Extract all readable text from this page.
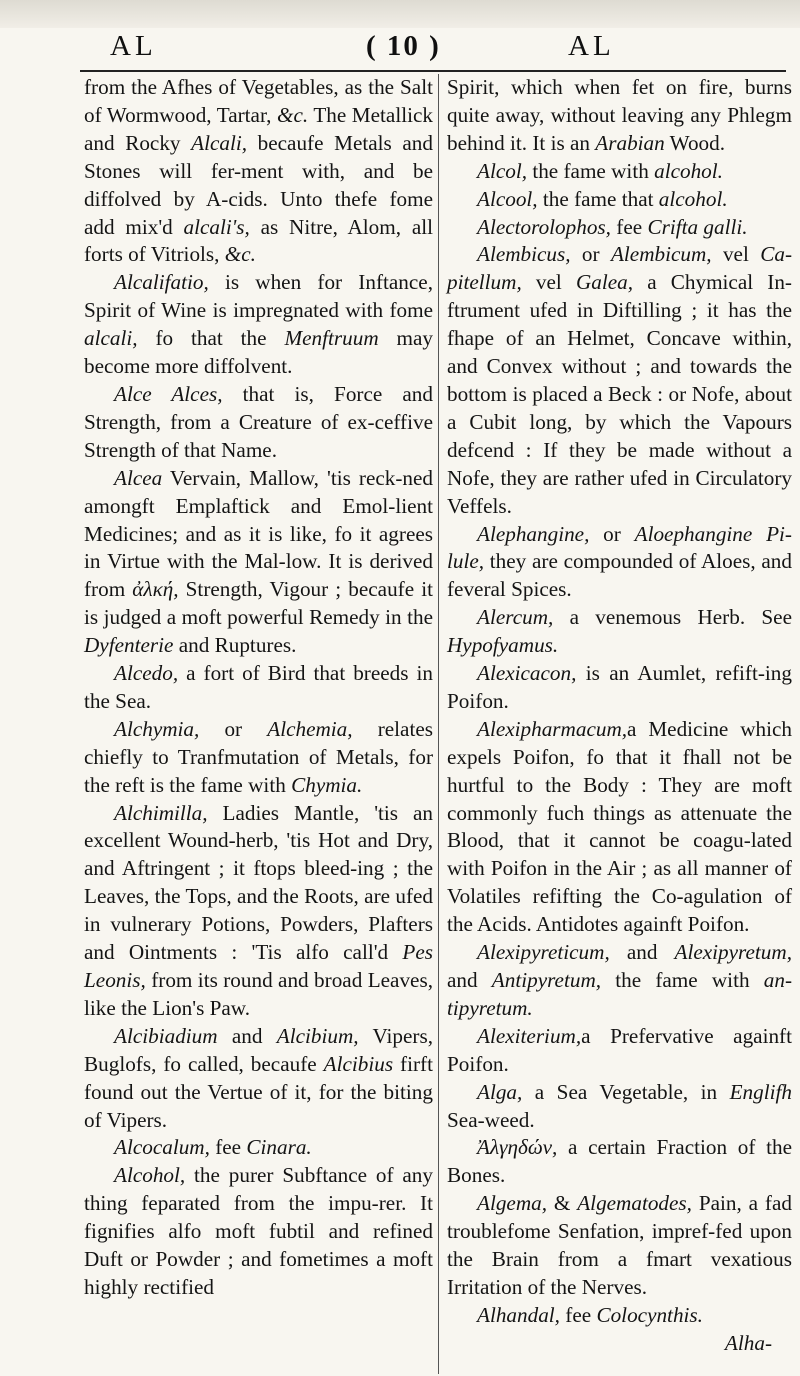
AL	( 10 )	AL

from the Afhes of Vegetables, as the Salt of Wormwood, Tartar, &c. The Metallick and Rocky Alcali, becaufe Metals and Stones will fer-ment with, and be diffolved by A-cids. Unto thefe fome add mix'd alcali's, as Nitre, Alom, all forts of Vitriols, &c.

Alcalifatio, is when for Inftance, Spirit of Wine is impregnated with fome alcali, fo that the Menftruum may become more diffolvent.

Alce Alces, that is, Force and Strength, from a Creature of ex-ceffive Strength of that Name.

Alcea Vervain, Mallow, 'tis reck-ned amongft Emplaftick and Emol-lient Medicines; and as it is like, fo it agrees in Virtue with the Mal-low. It is derived from ἀλκή, Strength, Vigour ; becaufe it is judged a moft powerful Remedy in the Dyfenterie and Ruptures.

Alcedo, a fort of Bird that breeds in the Sea.

Alchymia, or Alchemia, relates chiefly to Tranfmutation of Metals, for the reft is the fame with Chymia.

Alchimilla, Ladies Mantle, 'tis an excellent Wound-herb, 'tis Hot and Dry, and Aftringent ; it ftops bleed-ing ; the Leaves, the Tops, and the Roots, are ufed in vulnerary Potions, Powders, Plafters and Ointments : 'Tis alfo call'd Pes Leonis, from its round and broad Leaves, like the Lion's Paw.

Alcibiadium and Alcibium, Vipers, Buglofs, fo called, becaufe Alcibius firft found out the Vertue of it, for the biting of Vipers.

Alcocalum, fee Cinara.

Alcohol, the purer Subftance of any thing feparated from the impu-rer. It fignifies alfo moft fubtil and refined Duft or Powder ; and fometimes a moft highly rectified

Spirit, which when fet on fire, burns quite away, without leaving any Phlegm behind it. It is an Arabian Wood.

Alcol, the fame with alcohol.

Alcool, the fame that alcohol.

Alectorolophos, fee Crifta galli.

Alembicus, or Alembicum, vel Ca-pitellum, vel Galea, a Chymical In-ftrument ufed in Diftilling ; it has the fhape of an Helmet, Concave within, and Convex without ; and towards the bottom is placed a Beck : or Nofe, about a Cubit long, by which the Vapours defcend : If they be made without a Nofe, they are rather ufed in Circulatory Veffels.

Alephangine, or Aloephangine Pi-lule, they are compounded of Aloes, and feveral Spices.

Alercum, a venemous Herb. See Hypofyamus.

Alexicacon, is an Aumlet, refift-ing Poifon.

Alexipharmacum,a Medicine which expels Poifon, fo that it fhall not be hurtful to the Body : They are moft commonly fuch things as attenuate the Blood, that it cannot be coagu-lated with Poifon in the Air ; as all manner of Volatiles refifting the Co-agulation of the Acids. Antidotes againft Poifon.

Alexipyreticum, and Alexipyretum, and Antipyretum, the fame with an-tipyretum.

Alexiterium,a Prefervative againft Poifon.

Alga, a Sea Vegetable, in Englifh Sea-weed.

Ἀλγηδών, a certain Fraction of the Bones.

Algema, & Algematodes, Pain, a fad troublefome Senfation, impref-fed upon the Brain from a fmart vexatious Irritation of the Nerves.

Alhandal, fee Colocynthis.

Alha-
